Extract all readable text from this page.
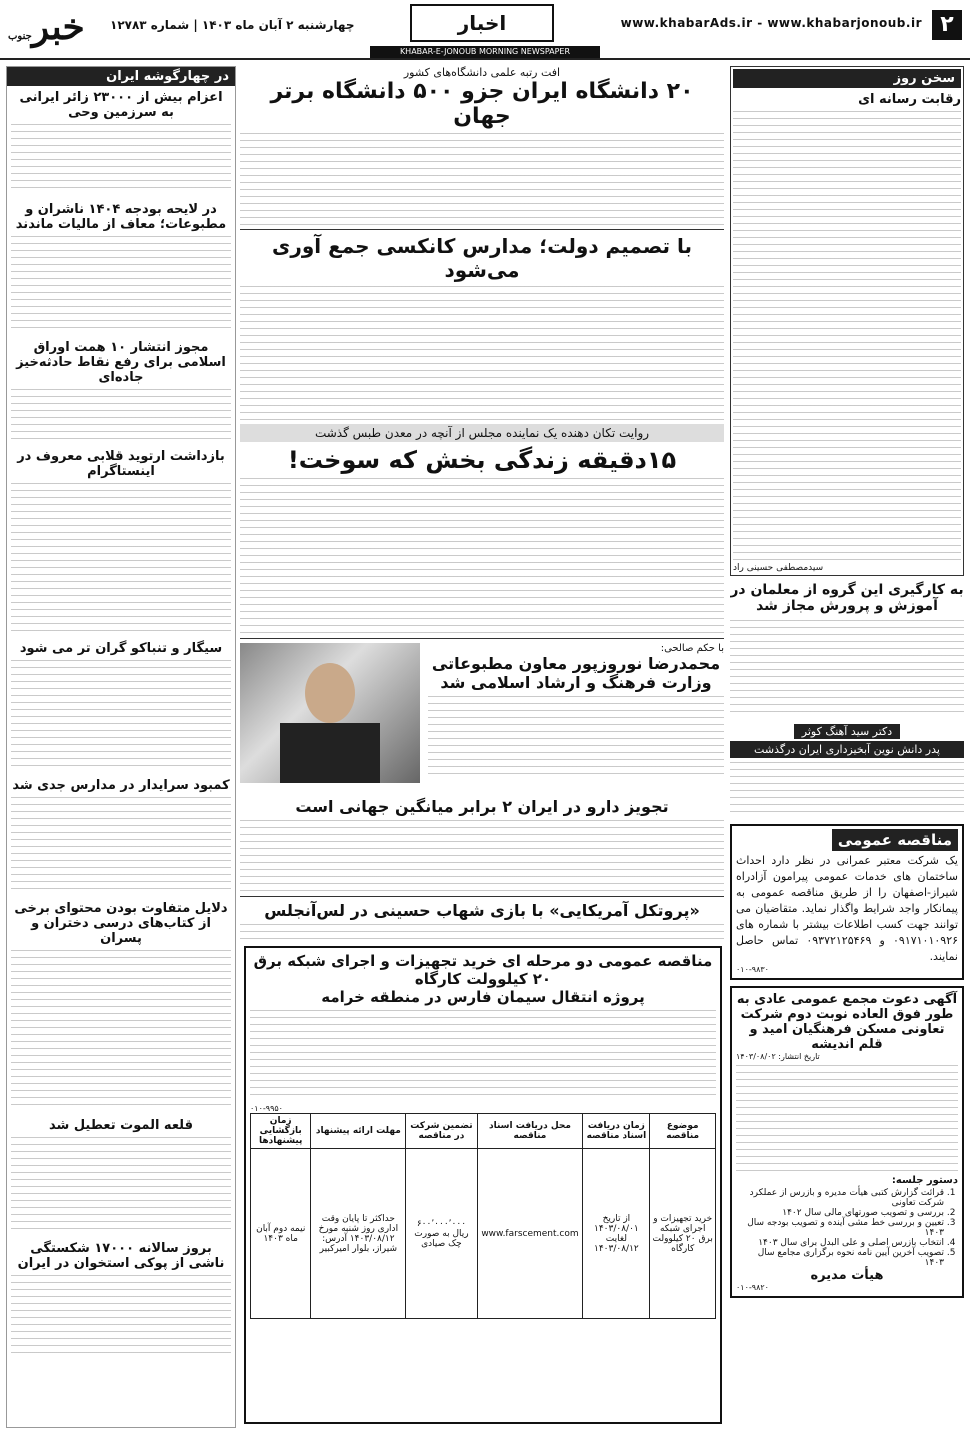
۲
www.khabarAds.ir - www.khabarjonoub.ir
اخبار
چهارشنبه ۲ آبان ماه ۱۴۰۳ | شماره ۱۲۷۸۳
خبرجنوب
KHABAR-E-JONOUB MORNING NEWSPAPER
در چهارگوشه ایران
اعزام بیش از ۲۳۰۰۰ زائر ایرانی به سرزمین وحی
در لایحه بودجه ۱۴۰۴ ناشران و مطبوعات؛ معاف از مالیات ماندند
مجوز انتشار ۱۰ همت اوراق اسلامی برای رفع نقاط حادثه‌خیز جاده‌ای
بازداشت ارتوید قلابی معروف در اینستاگرام
سیگار و تنباکو گران تر می شود
کمبود سرایدار در مدارس جدی شد
دلایل متفاوت بودن محتوای برخی از کتاب‌های درسی دختران و پسران
قلعه الموت تعطیل شد
بروز سالانه ۱۷۰۰۰ شکستگی ناشی از پوکی استخوان در ایران
افت رتبه علمی دانشگاه‌های کشور
۲۰ دانشگاه ایران جزو ۵۰۰ دانشگاه برتر جهان
با تصمیم دولت؛ مدارس کانکسی جمع آوری می‌شود
روایت تکان دهنده یک نماینده مجلس از آنچه در معدن طبس گذشت
۱۵دقیقه زندگی بخش که سوخت!
با حکم صالحی:
محمدرضا نوروزپور معاون مطبوعاتی وزارت فرهنگ و ارشاد اسلامی شد
تجویز دارو در ایران ۲ برابر میانگین جهانی است
«پروتکل آمریکایی» با بازی شهاب حسینی در لس‌آنجلس
سخن روز
رقابت رسانه ای
سیدمصطفی حسینی راد
به کارگیری این گروه از معلمان در آموزش و پرورش مجاز شد
دکتر سید آهنگ کوثر
پدر دانش نوین آبخیزداری ایران درگذشت
مناقصه عمومی
یک شرکت معتبر عمرانی در نظر دارد احداث ساختمان های خدمات عمومی پیرامون آزادراه شیراز-اصفهان را از طریق مناقصه عمومی به پیمانکار واجد شرایط واگذار نماید. متقاضیان می توانند جهت کسب اطلاعات بیشتر با شماره های ۰۹۱۷۱۰۱۰۹۲۶ و ۰۹۳۷۲۱۲۵۴۶۹ تماس حاصل نمایند.
۰۱۰-۹۸۳۰
آگهی دعوت مجمع عمومی عادی به طور فوق العاده نوبت دوم شرکت تعاونی مسکن فرهنگیان امید و قلم اندیشه
تاریخ انتشار: ۱۴۰۳/۰۸/۰۲
دستور جلسه:
1. قرائت گزارش کتبی هیأت مدیره و بازرس از عملکرد شرکت تعاونی
2. بررسی و تصویب صورتهای مالی سال ۱۴۰۲
3. تعیین و بررسی خط مشی آینده و تصویب بودجه سال ۱۴۰۳
4. انتخاب بازرس اصلی و علی البدل برای سال ۱۴۰۳
5. تصویب آخرین آیین نامه نحوه برگزاری مجامع سال ۱۴۰۳
هیأت مدیره
۰۱۰-۹۸۲۰
مناقصه عمومی دو مرحله ای خرید تجهیزات و اجرای شبکه برق ۲۰ کیلوولت کارگاه
پروژه انتقال سیمان فارس در منطقه خرامه
۰۱۰-۹۹۵۰
موضوع مناقصه	زمان دریافت اسناد مناقصه	محل دریافت اسناد مناقصه	تضمین شرکت در مناقصه	مهلت ارائه پیشنهاد	زمان بازگشایی پیشنهادها
خرید تجهیزات و اجرای شبکه برق ۲۰ کیلوولت کارگاه	از تاریخ ۱۴۰۳/۰۸/۰۱ لغایت ۱۴۰۳/۰۸/۱۲	www.farscement.com	۶۰۰٬۰۰۰٬۰۰۰ ریال به صورت چک صیادی	حداکثر تا پایان وقت اداری روز شنبه مورخ ۱۴۰۳/۰۸/۱۲ آدرس: شیراز، بلوار امیرکبیر	نیمه دوم آبان ماه ۱۴۰۳
